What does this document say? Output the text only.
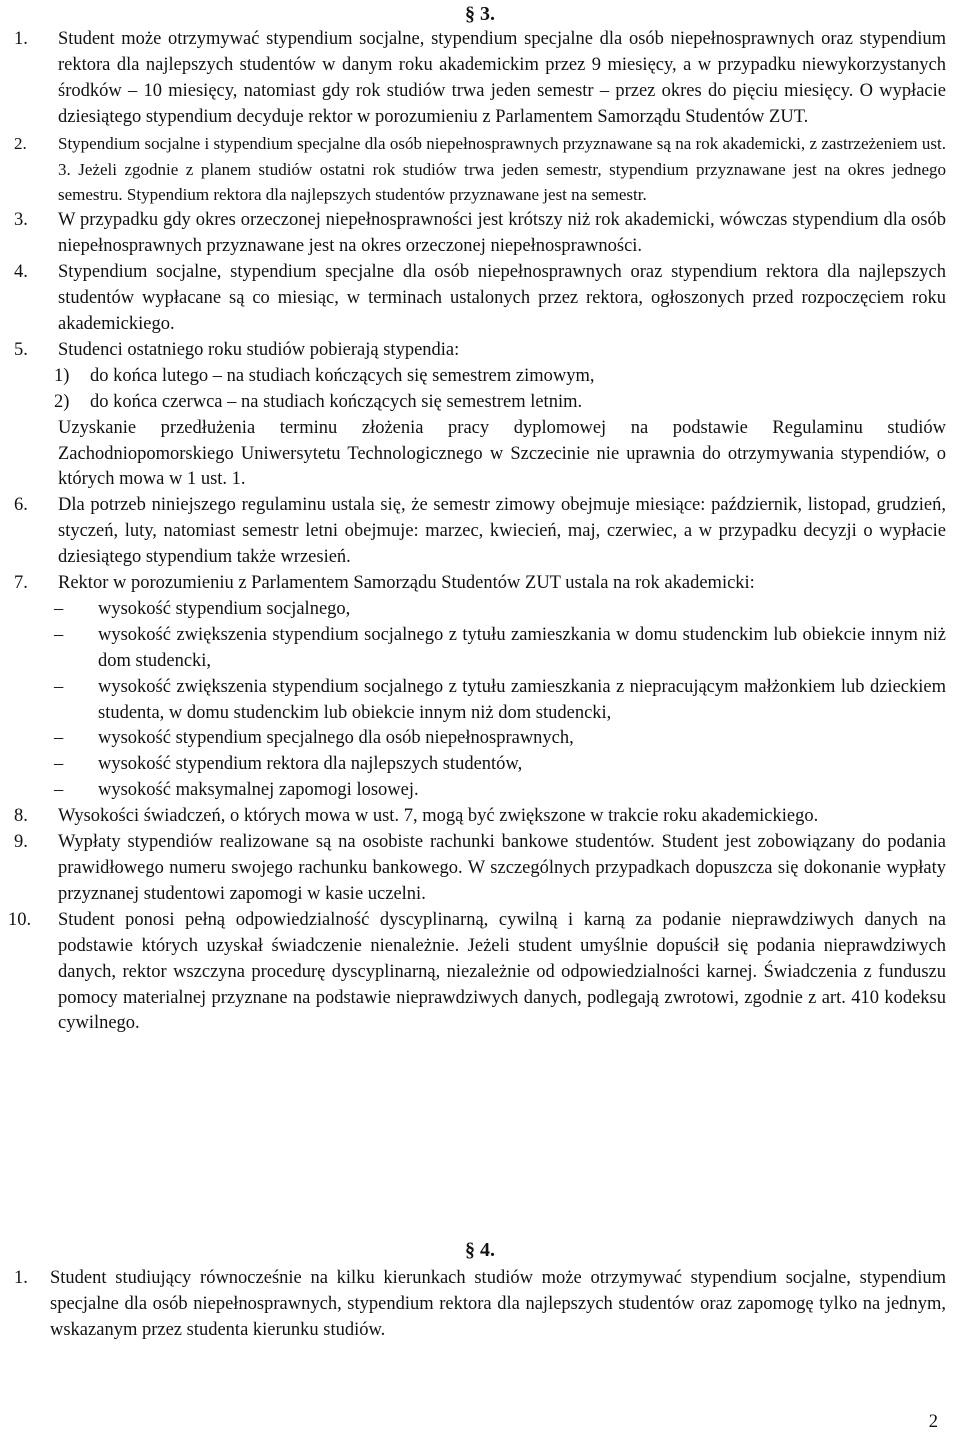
§ 3.

1. Student może otrzymywać stypendium socjalne, stypendium specjalne dla osób niepełnosprawnych oraz stypendium rektora dla najlepszych studentów w danym roku akademickim przez 9 miesięcy, a w przypadku niewykorzystanych środków – 10 miesięcy, natomiast gdy rok studiów trwa jeden semestr – przez okres do pięciu miesięcy. O wypłacie dziesiątego stypendium decyduje rektor w porozumieniu z Parlamentem Samorządu Studentów ZUT.

2. Stypendium socjalne i stypendium specjalne dla osób niepełnosprawnych przyznawane są na rok akademicki, z zastrzeżeniem ust. 3. Jeżeli zgodnie z planem studiów ostatni rok studiów trwa jeden semestr, stypendium przyznawane jest na okres jednego semestru. Stypendium rektora dla najlepszych studentów przyznawane jest na semestr.

3. W przypadku gdy okres orzeczonej niepełnosprawności jest krótszy niż rok akademicki, wówczas stypendium dla osób niepełnosprawnych przyznawane jest na okres orzeczonej niepełnosprawności.

4. Stypendium socjalne, stypendium specjalne dla osób niepełnosprawnych oraz stypendium rektora dla najlepszych studentów wypłacane są co miesiąc, w terminach ustalonych przez rektora, ogłoszonych przed rozpoczęciem roku akademickiego.

5. Studenci ostatniego roku studiów pobierają stypendia:

1) do końca lutego – na studiach kończących się semestrem zimowym,

2) do końca czerwca – na studiach kończących się semestrem letnim.

Uzyskanie przedłużenia terminu złożenia pracy dyplomowej na podstawie Regulaminu studiów Zachodniopomorskiego Uniwersytetu Technologicznego w Szczecinie nie uprawnia do otrzymywania stypendiów, o których mowa w 1 ust. 1.

6. Dla potrzeb niniejszego regulaminu ustala się, że semestr zimowy obejmuje miesiące: październik, listopad, grudzień, styczeń, luty, natomiast semestr letni obejmuje: marzec, kwiecień, maj, czerwiec, a w przypadku decyzji o wypłacie dziesiątego stypendium także wrzesień.

7. Rektor w porozumieniu z Parlamentem Samorządu Studentów ZUT ustala na rok akademicki:

– wysokość stypendium socjalnego,

– wysokość zwiększenia stypendium socjalnego z tytułu zamieszkania w domu studenckim lub obiekcie innym niż dom studencki,

– wysokość zwiększenia stypendium socjalnego z tytułu zamieszkania z niepracującym małżonkiem lub dzieckiem studenta, w domu studenckim lub obiekcie innym niż dom studencki,

– wysokość stypendium specjalnego dla osób niepełnosprawnych,

– wysokość stypendium rektora dla najlepszych studentów,

– wysokość maksymalnej zapomogi losowej.

8. Wysokości świadczeń, o których mowa w ust. 7, mogą być zwiększone w trakcie roku akademickiego.

9. Wypłaty stypendiów realizowane są na osobiste rachunki bankowe studentów. Student jest zobowiązany do podania prawidłowego numeru swojego rachunku bankowego. W szczególnych przypadkach dopuszcza się dokonanie wypłaty przyznanej studentowi zapomogi w kasie uczelni.

10. Student ponosi pełną odpowiedzialność dyscyplinarną, cywilną i karną za podanie nieprawdziwych danych na podstawie których uzyskał świadczenie nienależnie. Jeżeli student umyślnie dopuścił się podania nieprawdziwych danych, rektor wszczyna procedurę dyscyplinarną, niezależnie od odpowiedzialności karnej. Świadczenia z funduszu pomocy materialnej przyznane na podstawie nieprawdziwych danych, podlegają zwrotowi, zgodnie z art. 410 kodeksu cywilnego.

§ 4.

1. Student studiujący równocześnie na kilku kierunkach studiów może otrzymywać stypendium socjalne, stypendium specjalne dla osób niepełnosprawnych, stypendium rektora dla najlepszych studentów oraz zapomogę tylko na jednym, wskazanym przez studenta kierunku studiów.

2
